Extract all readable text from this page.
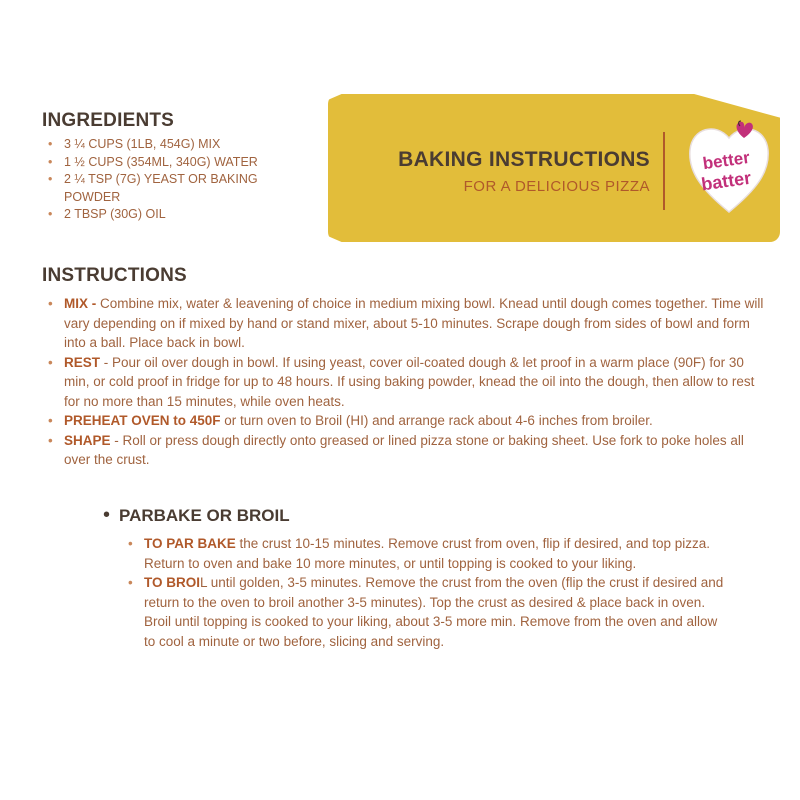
INGREDIENTS
• 3 ¼ CUPS (1LB, 454G) MIX
• 1 ½ CUPS (354ML, 340G) WATER
• 2 ¼ TSP (7G) YEAST OR BAKING POWDER
• 2 TBSP (30G) OIL
BAKING INSTRUCTIONS
FOR A DELICIOUS PIZZA
better
batter
INSTRUCTIONS
• MIX - Combine mix, water & leavening of choice in medium mixing bowl. Knead until dough comes together. Time will vary depending on if mixed by hand or stand mixer, about 5-10 minutes. Scrape dough from sides of bowl and form into a ball. Place back in bowl.
• REST - Pour oil over dough in bowl. If using yeast, cover oil-coated dough & let proof in a warm place (90F) for 30 min, or cold proof in fridge for up to 48 hours. If using baking powder, knead the oil into the dough, then allow to rest for no more than 15 minutes, while oven heats.
• PREHEAT OVEN to 450F or turn oven to Broil (HI) and arrange rack about 4-6 inches from broiler.
• SHAPE - Roll or press dough directly onto greased or lined pizza stone or baking sheet. Use fork to poke holes all over the crust.
• PARBAKE OR BROIL
• TO PAR BAKE the crust 10-15 minutes. Remove crust from oven, flip if desired, and top pizza. Return to oven and bake 10 more minutes, or until topping is cooked to your liking.
• TO BROIL until golden, 3-5 minutes. Remove the crust from the oven (flip the crust if desired and return to the oven to broil another 3-5 minutes). Top the crust as desired & place back in oven. Broil until topping is cooked to your liking, about 3-5 more min. Remove from the oven and allow to cool a minute or two before, slicing and serving.
